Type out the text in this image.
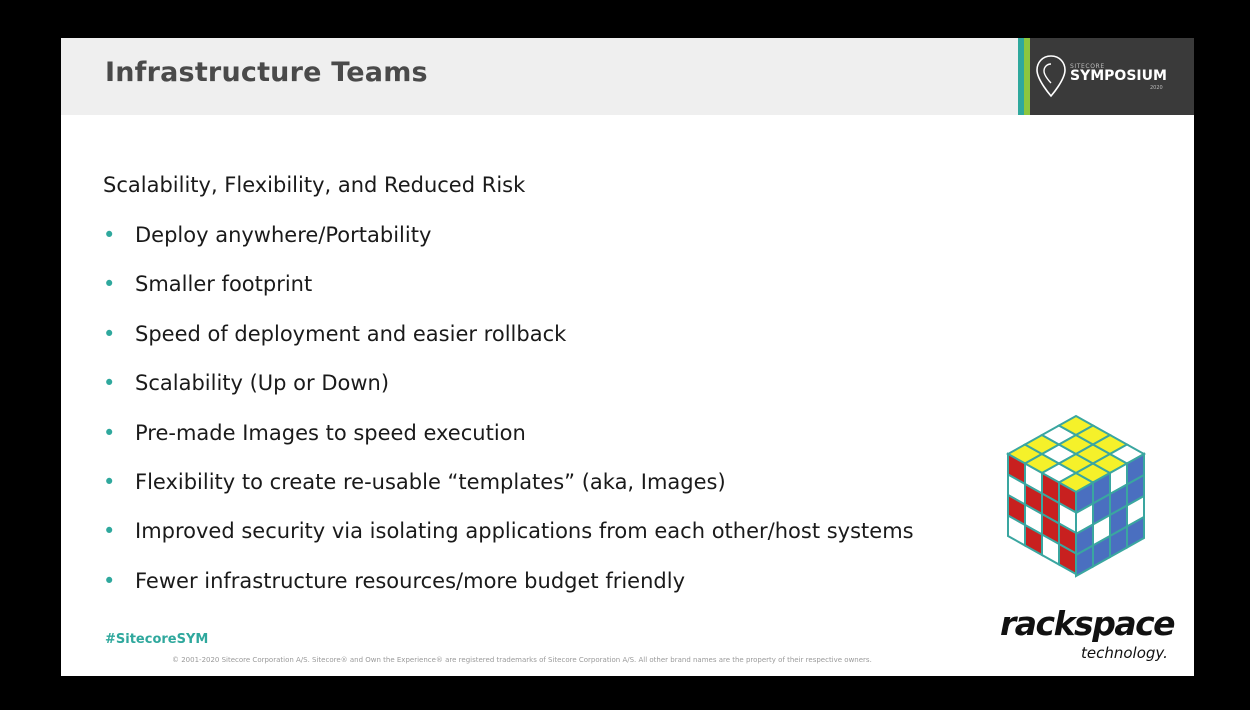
Infrastructure Teams	SITECORE
SYMPOSIUM
2020
Scalability, Flexibility, and Reduced Risk
• Deploy anywhere/Portability
• Smaller footprint
• Speed of deployment and easier rollback
• Scalability (Up or Down)
• Pre-made Images to speed execution
• Flexibility to create re-usable “templates” (aka, Images)
• Improved security via isolating applications from each other/host systems
• Fewer infrastructure resources/more budget friendly
#SitecoreSYM
© 2001-2020 Sitecore Corporation A/S. Sitecore® and Own the Experience® are registered trademarks of Sitecore Corporation A/S. All other brand names are the property of their respective owners.
rackspace
technology.
